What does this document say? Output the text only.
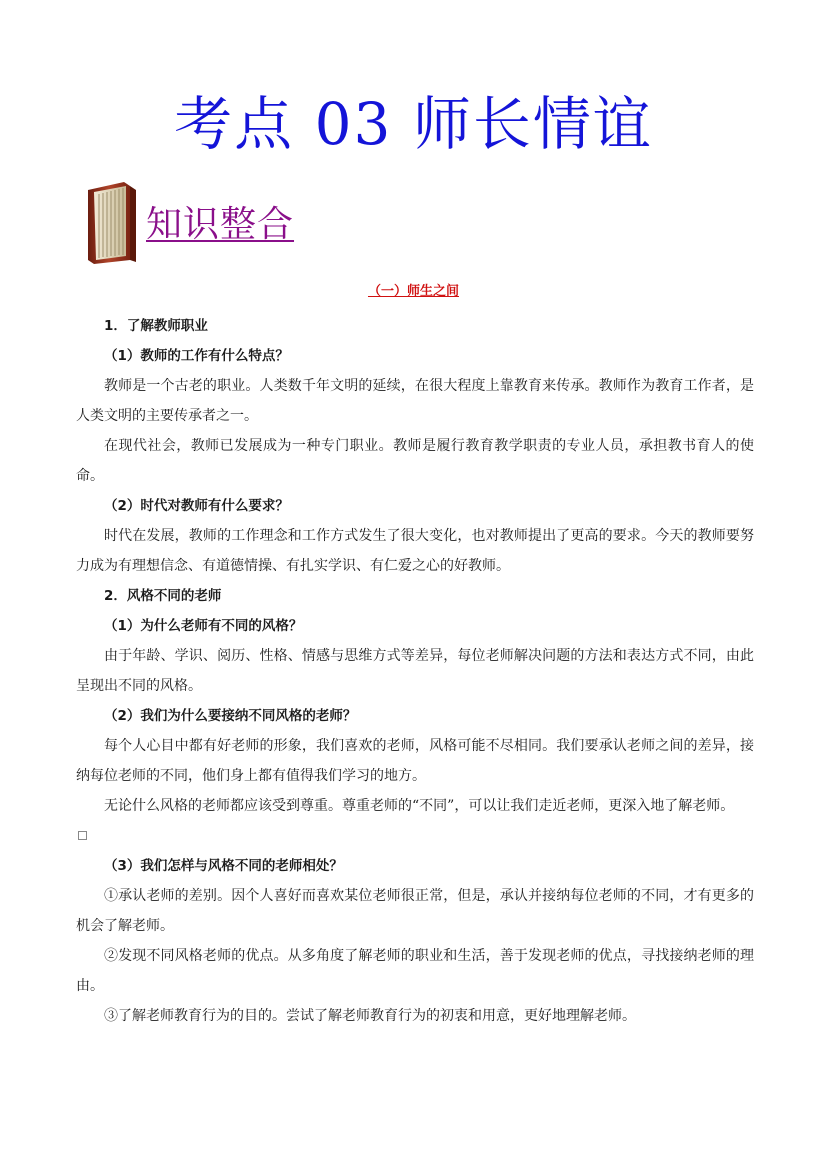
考点 03 师长情谊
知识整合
（一）师生之间
1．了解教师职业
（1）教师的工作有什么特点？
教师是一个古老的职业。人类数千年文明的延续，在很大程度上靠教育来传承。教师作为教育工作者，是人类文明的主要传承者之一。
在现代社会，教师已发展成为一种专门职业。教师是履行教育教学职责的专业人员，承担教书育人的使命。
（2）时代对教师有什么要求？
时代在发展，教师的工作理念和工作方式发生了很大变化，也对教师提出了更高的要求。今天的教师要努力成为有理想信念、有道德情操、有扎实学识、有仁爱之心的好教师。
2．风格不同的老师
（1）为什么老师有不同的风格？
由于年龄、学识、阅历、性格、情感与思维方式等差异，每位老师解决问题的方法和表达方式不同，由此呈现出不同的风格。
（2）我们为什么要接纳不同风格的老师？
每个人心目中都有好老师的形象，我们喜欢的老师，风格可能不尽相同。我们要承认老师之间的差异，接纳每位老师的不同，他们身上都有值得我们学习的地方。
无论什么风格的老师都应该受到尊重。尊重老师的“不同”，可以让我们走近老师，更深入地了解老师。
（3）我们怎样与风格不同的老师相处？
①承认老师的差别。因个人喜好而喜欢某位老师很正常，但是，承认并接纳每位老师的不同，才有更多的机会了解老师。
②发现不同风格老师的优点。从多角度了解老师的职业和生活，善于发现老师的优点，寻找接纳老师的理由。
③了解老师教育行为的目的。尝试了解老师教育行为的初衷和用意，更好地理解老师。
